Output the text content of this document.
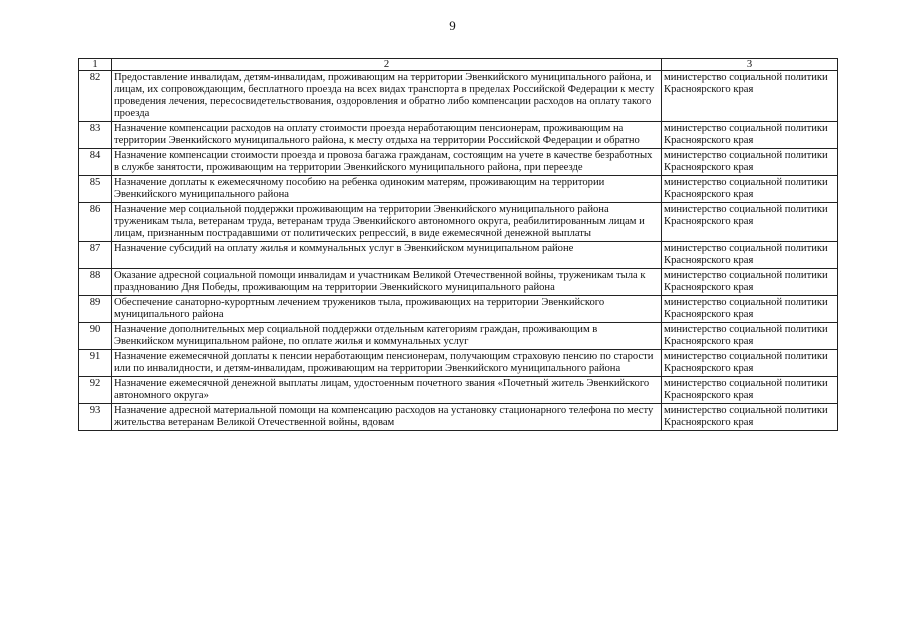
9
1	2	3
82	Предоставление инвалидам, детям-инвалидам, проживающим на территории Эвенкийского муниципального района, и лицам, их сопровождающим, бесплатного проезда на всех видах транспорта в пределах Российской Федерации к месту проведения лечения, пересосвидетельствования, оздоровления и обратно либо компенсации расходов на оплату такого проезда	министерство социальной политики Красноярского края
83	Назначение компенсации расходов на оплату стоимости проезда неработающим пенсионерам, проживающим на территории Эвенкийского муниципального района, к месту отдыха на территории Российской Федерации и обратно	министерство социальной политики Красноярского края
84	Назначение компенсации стоимости проезда и провоза багажа гражданам, состоящим на учете в качестве безработных в службе занятости, проживающим на территории Эвенкийского муниципального района, при переезде	министерство социальной политики Красноярского края
85	Назначение доплаты к ежемесячному пособию на ребенка одиноким матерям, проживающим на территории Эвенкийского муниципального района	министерство социальной политики Красноярского края
86	Назначение мер социальной поддержки проживающим на территории Эвенкийского муниципального района труженикам тыла, ветеранам труда, ветеранам труда Эвенкийского автономного округа, реабилитированным лицам и лицам, признанным пострадавшими от политических репрессий, в виде ежемесячной денежной выплаты	министерство социальной политики Красноярского края
87	Назначение субсидий на оплату жилья и коммунальных услуг в Эвенкийском муниципальном районе	министерство социальной политики Красноярского края
88	Оказание адресной социальной помощи инвалидам и участникам Великой Отечественной войны, труженикам тыла к празднованию Дня Победы, проживающим на территории Эвенкийского муниципального района	министерство социальной политики Красноярского края
89	Обеспечение санаторно-курортным лечением тружеников тыла, проживающих на территории Эвенкийского муниципального района	министерство социальной политики Красноярского края
90	Назначение дополнительных мер социальной поддержки отдельным категориям граждан, проживающим в Эвенкийском муниципальном районе, по оплате жилья и коммунальных услуг	министерство социальной политики Красноярского края
91	Назначение ежемесячной доплаты к пенсии неработающим пенсионерам, получающим страховую пенсию по старости или по инвалидности, и детям-инвалидам, проживающим на территории Эвенкийского муниципального района	министерство социальной политики Красноярского края
92	Назначение ежемесячной денежной выплаты лицам, удостоенным почетного звания «Почетный житель Эвенкийского автономного округа»	министерство социальной политики Красноярского края
93	Назначение адресной материальной помощи на компенсацию расходов на установку стационарного телефона по месту жительства ветеранам Великой Отечественной войны, вдовам	министерство социальной политики Красноярского края
